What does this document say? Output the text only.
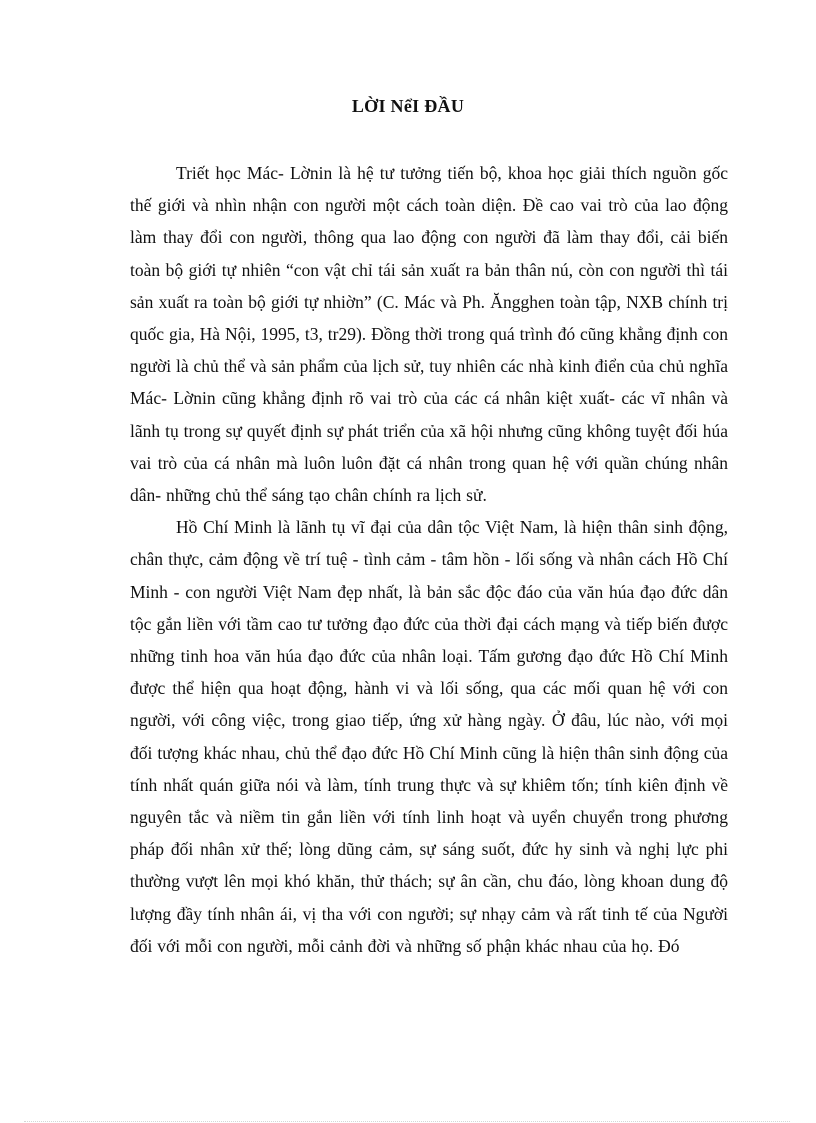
LỜI NểI ĐẦU

Triết học Mác- Lờnin là hệ tư tưởng tiến bộ, khoa học giải thích nguồn gốc thế giới và nhìn nhận con người một cách toàn diện. Đề cao vai trò của lao động làm thay đổi con người, thông qua lao động con người đã làm thay đổi, cải biến toàn bộ giới tự nhiên “con vật chỉ tái sản xuất ra bản thân nú, còn con người thì tái sản xuất ra toàn bộ giới tự nhiờn” (C. Mác và Ph. Ăngghen toàn tập, NXB chính trị quốc gia, Hà Nội, 1995, t3, tr29). Đồng thời trong quá trình đó cũng khẳng định con người là chủ thể và sản phẩm của lịch sử, tuy nhiên các nhà kinh điển của chủ nghĩa Mác- Lờnin cũng khẳng định rõ vai trò của các cá nhân kiệt xuất- các vĩ nhân và lãnh tụ trong sự quyết định sự phát triển của xã hội nhưng cũng không tuyệt đối húa vai trò của cá nhân mà luôn luôn đặt cá nhân trong quan hệ với quần chúng nhân dân- những chủ thể sáng tạo chân chính ra lịch sử.

Hồ Chí Minh là lãnh tụ vĩ đại của dân tộc Việt Nam, là hiện thân sinh động, chân thực, cảm động về trí tuệ - tình cảm - tâm hồn - lối sống và nhân cách Hồ Chí Minh - con người Việt Nam đẹp nhất, là bản sắc độc đáo của văn húa đạo đức dân tộc gắn liền với tầm cao tư tưởng đạo đức của thời đại cách mạng và tiếp biến được những tinh hoa văn húa đạo đức của nhân loại. Tấm gương đạo đức Hồ Chí Minh được thể hiện qua hoạt động, hành vi và lối sống, qua các mối quan hệ với con người, với công việc, trong giao tiếp, ứng xử hàng ngày. Ở đâu, lúc nào, với mọi đối tượng khác nhau, chủ thể đạo đức Hồ Chí Minh cũng là hiện thân sinh động của tính nhất quán giữa nói và làm, tính trung thực và sự khiêm tốn; tính kiên định về nguyên tắc và niềm tin gắn liền với tính linh hoạt và uyển chuyển trong phương pháp đối nhân xử thế; lòng dũng cảm, sự sáng suốt, đức hy sinh và nghị lực phi thường vượt lên mọi khó khăn, thử thách; sự ân cần, chu đáo, lòng khoan dung độ lượng đầy tính nhân ái, vị tha với con người; sự nhạy cảm và rất tinh tế của Người đối với mỗi con người, mỗi cảnh đời và những số phận khác nhau của họ. Đó
